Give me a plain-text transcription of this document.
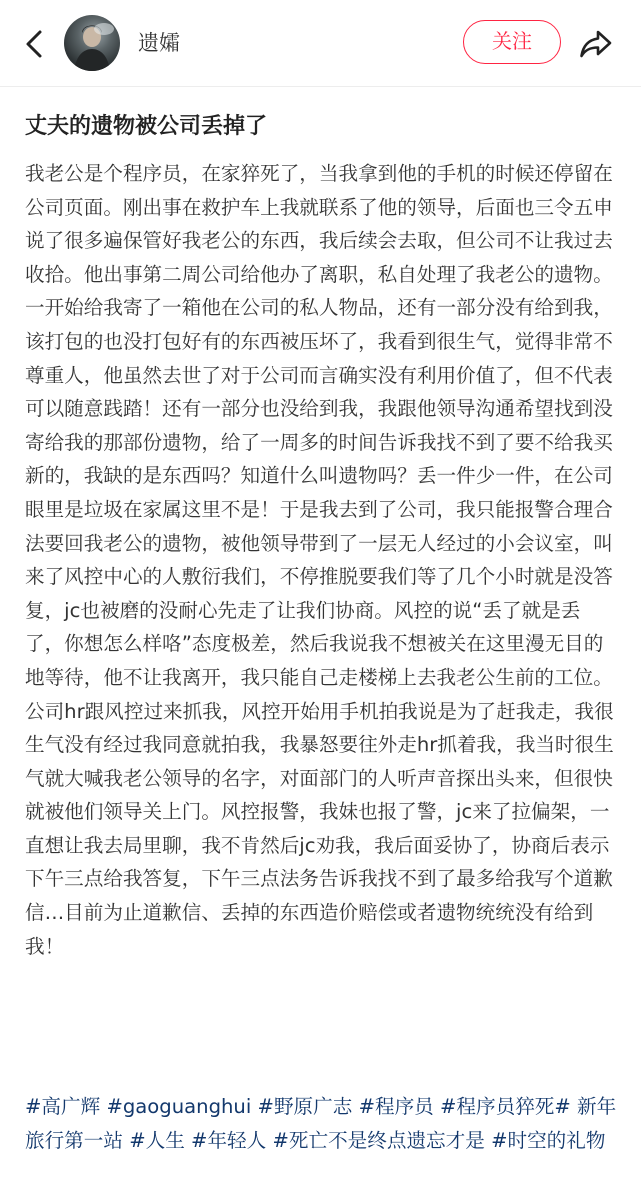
遗孀	关注
丈夫的遗物被公司丢掉了

我老公是个程序员，在家猝死了，当我拿到他的手机的时候还停留在公司页面。刚出事在救护车上我就联系了他的领导，后面也三令五申说了很多遍保管好我老公的东西，我后续会去取，但公司不让我过去收拾。他出事第二周公司给他办了离职，私自处理了我老公的遗物。一开始给我寄了一箱他在公司的私人物品，还有一部分没有给到我，该打包的也没打包好有的东西被压坏了，我看到很生气，觉得非常不尊重人，他虽然去世了对于公司而言确实没有利用价值了，但不代表可以随意践踏！还有一部分也没给到我，我跟他领导沟通希望找到没寄给我的那部份遗物，给了一周多的时间告诉我找不到了要不给我买新的，我缺的是东西吗？知道什么叫遗物吗？丢一件少一件，在公司眼里是垃圾在家属这里不是！于是我去到了公司，我只能报警合理合法要回我老公的遗物，被他领导带到了一层无人经过的小会议室，叫来了风控中心的人敷衍我们，不停推脱要我们等了几个小时就是没答复，jc也被磨的没耐心先走了让我们协商。风控的说“丢了就是丢了，你想怎么样咯”态度极差，然后我说我不想被关在这里漫无目的地等待，他不让我离开，我只能自己走楼梯上去我老公生前的工位。公司hr跟风控过来抓我，风控开始用手机拍我说是为了赶我走，我很生气没有经过我同意就拍我，我暴怒要往外走hr抓着我，我当时很生气就大喊我老公领导的名字，对面部门的人听声音探出头来，但很快就被他们领导关上门。风控报警，我妹也报了警，jc来了拉偏架，一直想让我去局里聊，我不肯然后jc劝我，我后面妥协了，协商后表示下午三点给我答复，下午三点法务告诉我找不到了最多给我写个道歉信…目前为止道歉信、丢掉的东西造价赔偿或者遗物统统没有给到我！

#高广辉 #gaoguanghui #野原广志 #程序员 #程序员猝死# 新年旅行第一站 #人生 #年轻人 #死亡不是终点遗忘才是 #时空的礼物
